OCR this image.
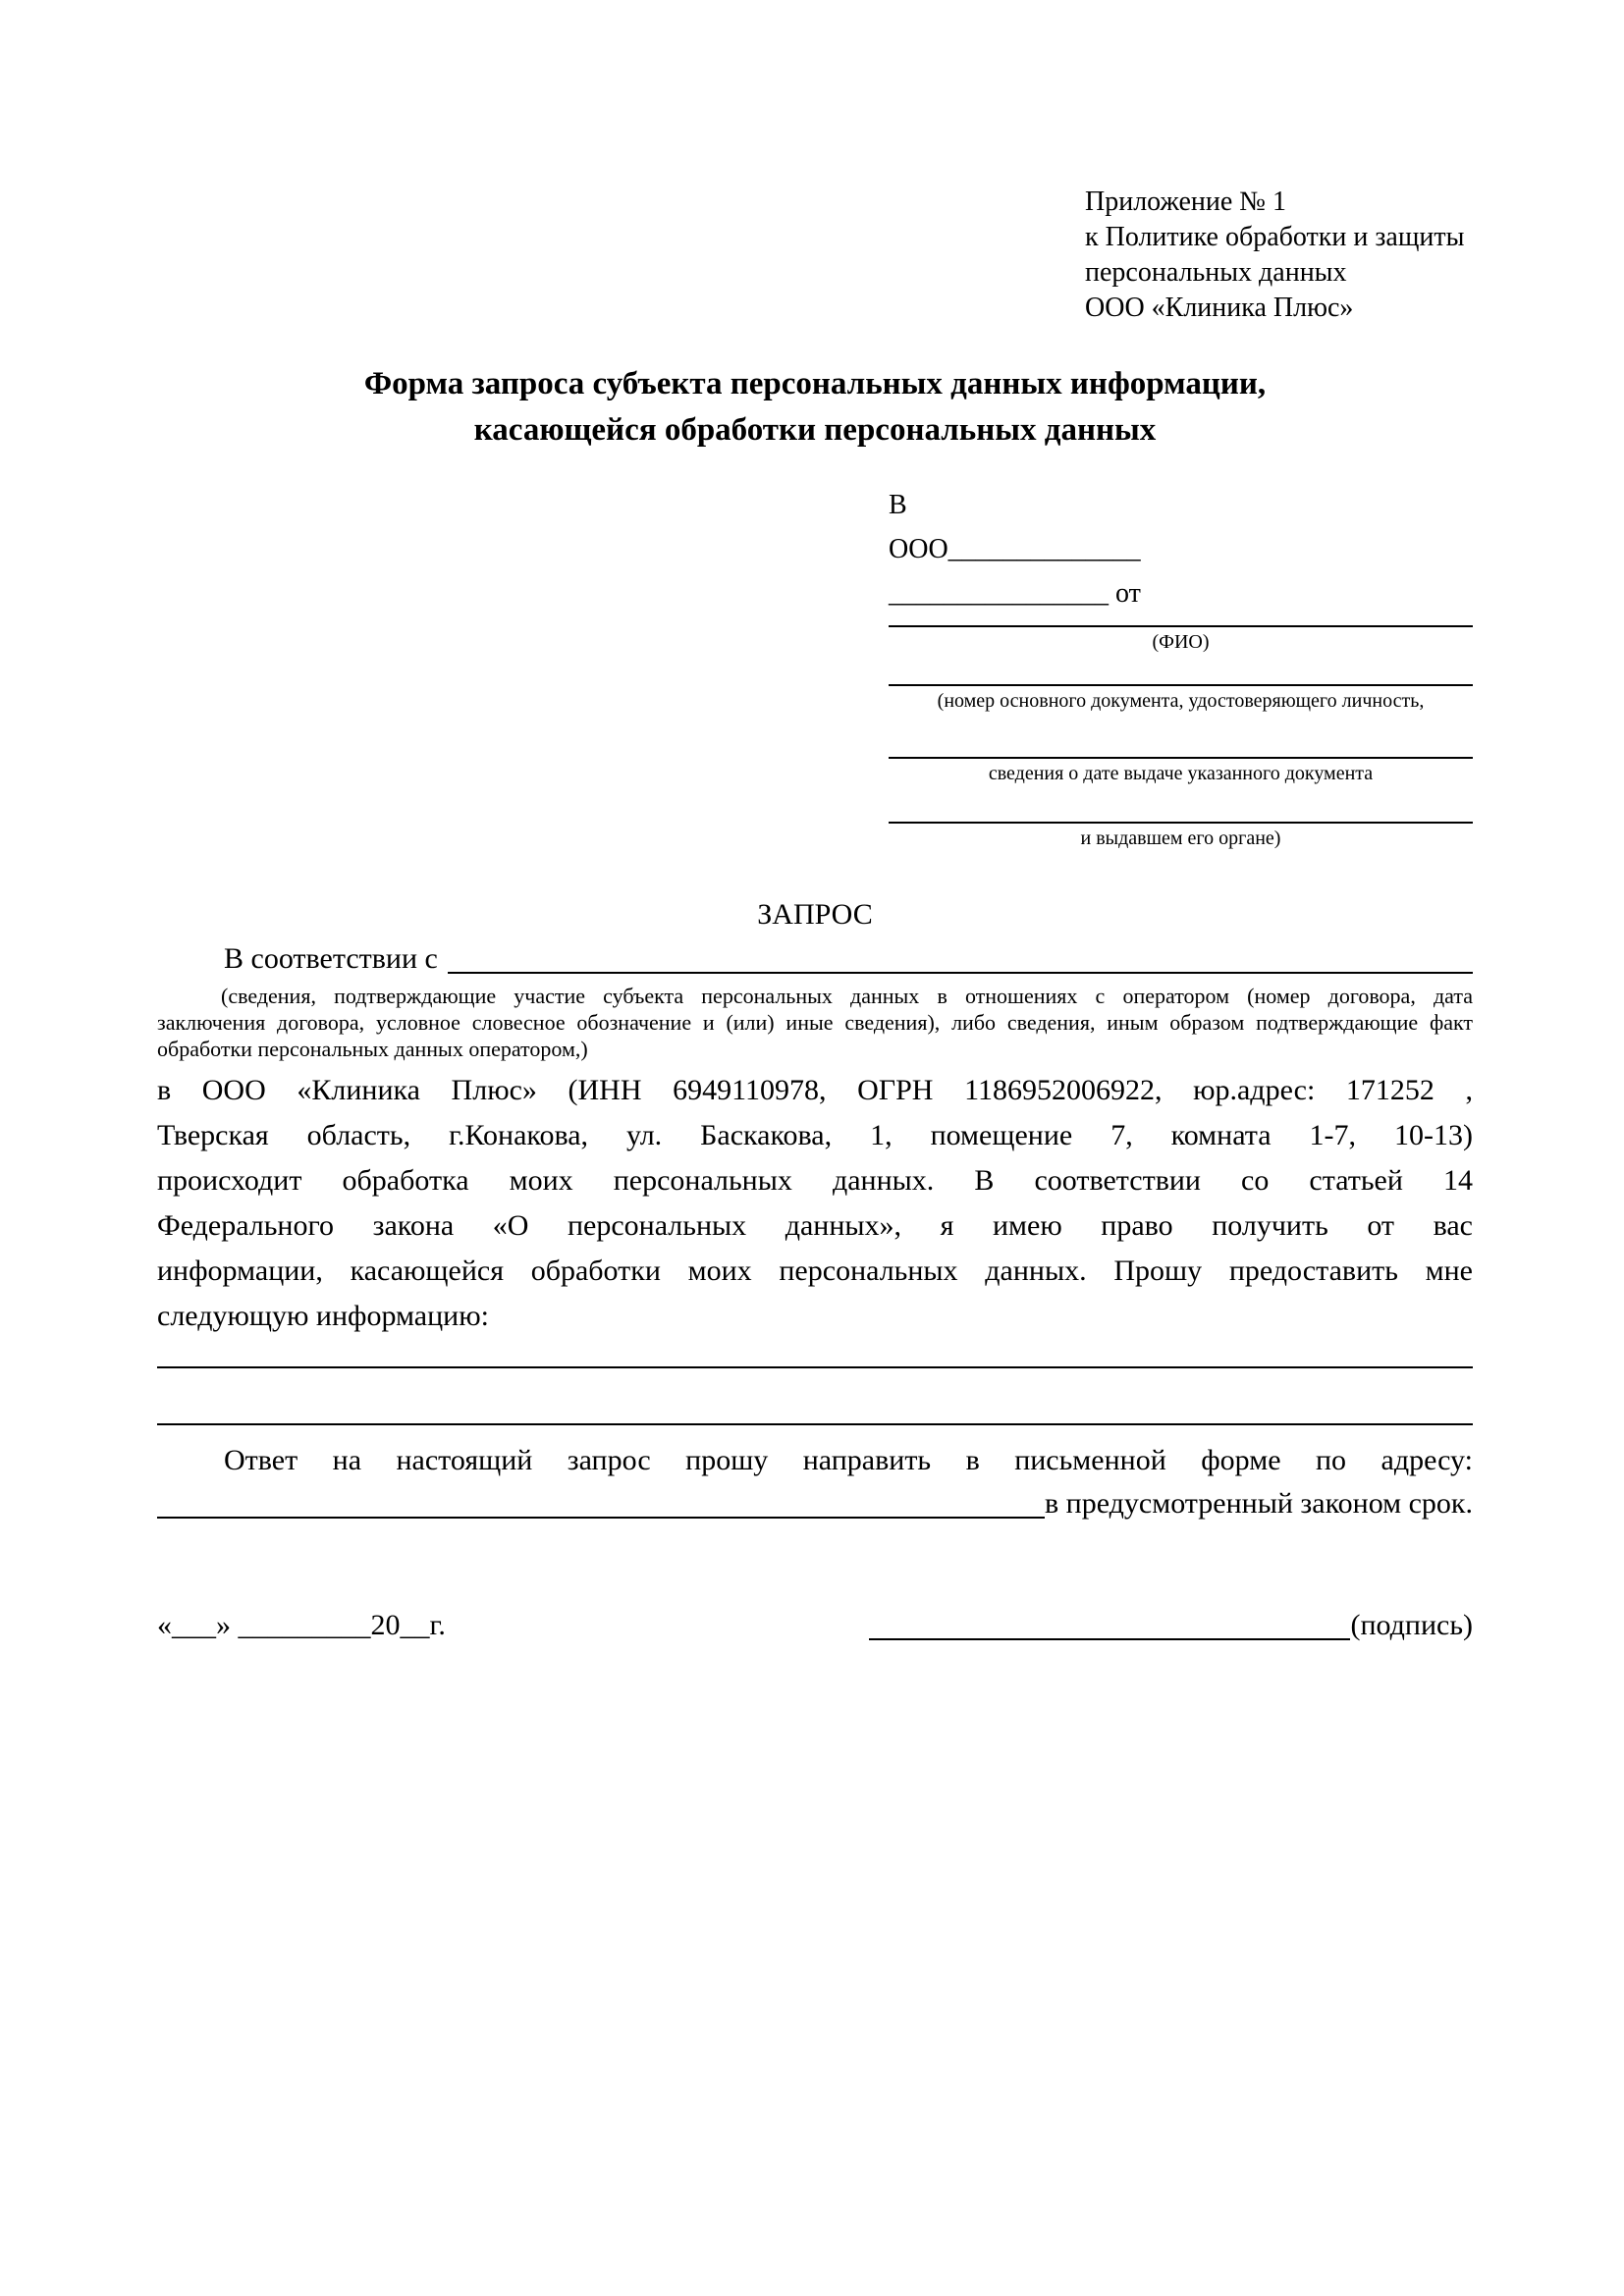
Приложение № 1
к Политике обработки и защиты
персональных данных
ООО «Клиника Плюс»
Форма запроса субъекта персональных данных информации,
касающейся обработки персональных данных
В
ООО______________
________________ от
(ФИО)
(номер основного документа, удостоверяющего личность,
сведения о дате выдаче указанного документа
и выдавшем его органе)
ЗАПРОС
В соответствии с
(сведения, подтверждающие участие субъекта персональных данных в отношениях с оператором (номер договора, дата
заключения договора, условное словесное обозначение и (или) иные сведения), либо сведения, иным образом подтверждающие факт
обработки персональных данных оператором,)
в ООО «Клиника Плюс» (ИНН 6949110978, ОГРН 1186952006922, юр.адрес: 171252 ,
Тверская область, г.Конакова, ул. Баскакова, 1, помещение 7, комната 1-7, 10-13)
происходит обработка моих персональных данных. В соответствии со статьей 14
Федерального закона «О персональных данных», я имею право получить от вас
информации, касающейся обработки моих персональных данных. Прошу предоставить мне
следующую информацию:
Ответ на настоящий запрос прошу направить в письменной форме по адресу:
в предусмотренный законом срок.
«___» _________20__г.	(подпись)
